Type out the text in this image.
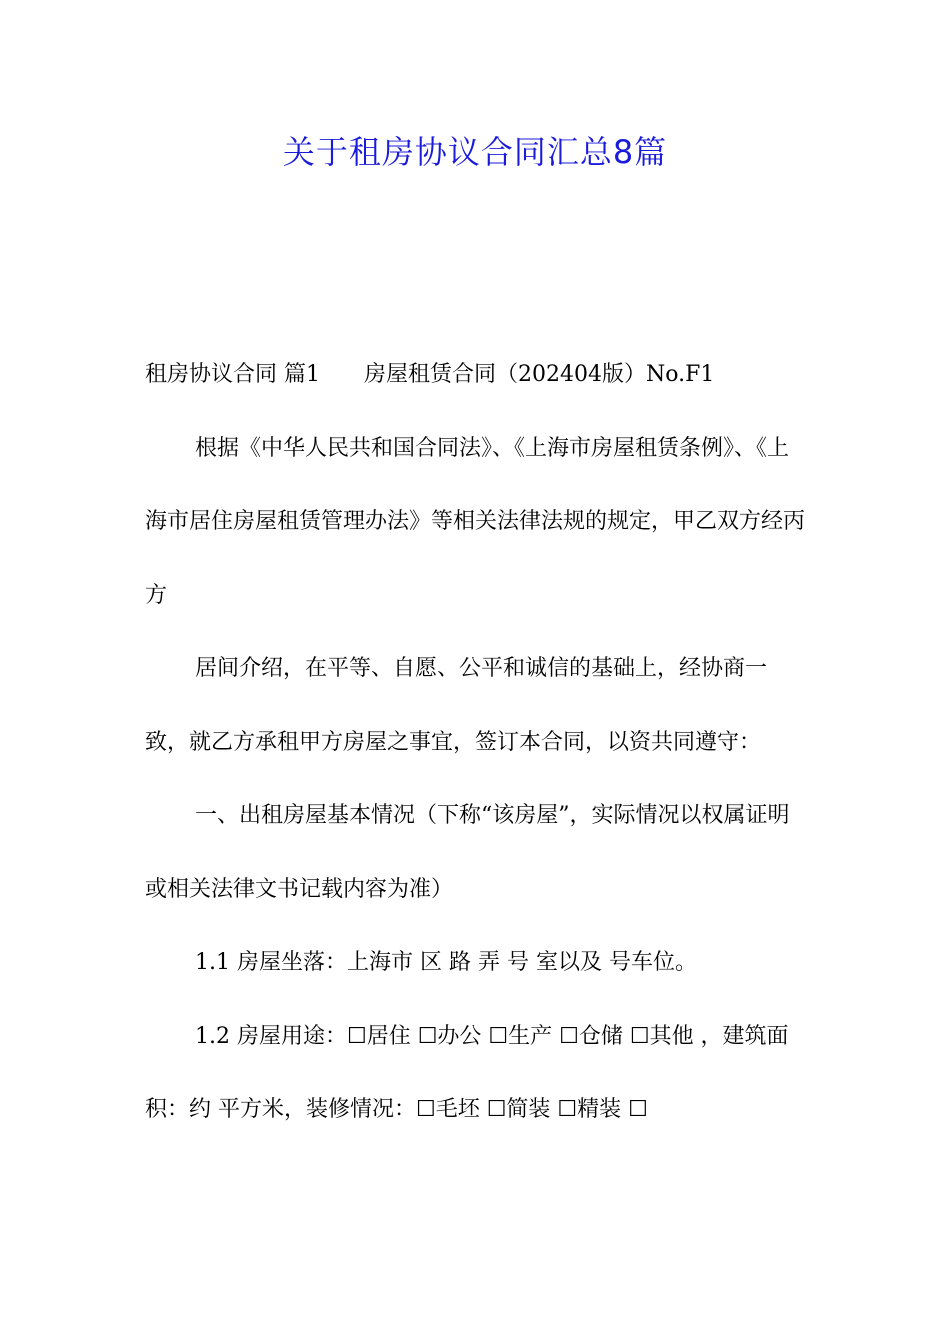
关于租房协议合同汇总8篇

租房协议合同 篇1　　房屋租赁合同（202404版）No.F1

根据《中华人民共和国合同法》、《上海市房屋租赁条例》、《上海市居住房屋租赁管理办法》等相关法律法规的规定，甲乙双方经丙方

居间介绍，在平等、自愿、公平和诚信的基础上，经协商一致，就乙方承租甲方房屋之事宜，签订本合同，以资共同遵守：

一、出租房屋基本情况（下称“该房屋”，实际情况以权属证明或相关法律文书记载内容为准）

1.1 房屋坐落：上海市 区 路 弄 号 室以及 号车位。

1.2 房屋用途：☐居住 ☐办公 ☐生产 ☐仓储 ☐其他 ，建筑面积：约 平方米，装修情况：☐毛坯 ☐简装 ☐精装 ☐
